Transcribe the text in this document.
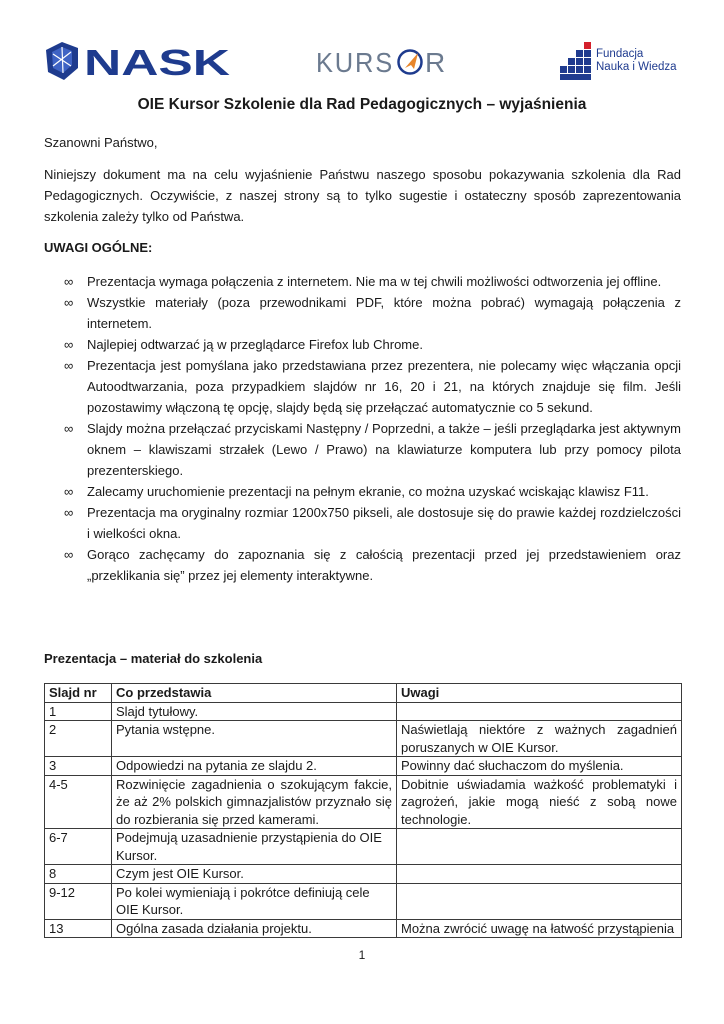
NASK	KURS R	Fundacja
Nauka i Wiedza
OIE Kursor Szkolenie dla Rad Pedagogicznych – wyjaśnienia

Szanowni Państwo,

Niniejszy dokument ma na celu wyjaśnienie Państwu naszego sposobu pokazywania szkolenia dla Rad Pedagogicznych. Oczywiście, z naszej strony są to tylko sugestie i ostateczny sposób zaprezentowania szkolenia zależy tylko od Państwa.

UWAGI OGÓLNE:

∞ Prezentacja wymaga połączenia z internetem. Nie ma w tej chwili możliwości odtworzenia jej offline.
∞ Wszystkie materiały (poza przewodnikami PDF, które można pobrać) wymagają połączenia z internetem.
∞ Najlepiej odtwarzać ją w przeglądarce Firefox lub Chrome.
∞ Prezentacja jest pomyślana jako przedstawiana przez prezentera, nie polecamy więc włączania opcji Autoodtwarzania, poza przypadkiem slajdów nr 16, 20 i 21, na których znajduje się film. Jeśli pozostawimy włączoną tę opcję, slajdy będą się przełączać automatycznie co 5 sekund.
∞ Slajdy można przełączać przyciskami Następny / Poprzedni, a także – jeśli przeglądarka jest aktywnym oknem – klawiszami strzałek (Lewo / Prawo) na klawiaturze komputera lub przy pomocy pilota prezenterskiego.
∞ Zalecamy uruchomienie prezentacji na pełnym ekranie, co można uzyskać wciskając klawisz F11.
∞ Prezentacja ma oryginalny rozmiar 1200x750 pikseli, ale dostosuje się do prawie każdej rozdzielczości i wielkości okna.
∞ Gorąco zachęcamy do zapoznania się z całością prezentacji przed jej przedstawieniem oraz „przeklikania się” przez jej elementy interaktywne.

Prezentacja – materiał do szkolenia

Slajd nr	Co przedstawia	Uwagi
1	Slajd tytułowy.	
2	Pytania wstępne.	Naświetlają niektóre z ważnych zagadnień poruszanych w OIE Kursor.
3	Odpowiedzi na pytania ze slajdu 2.	Powinny dać słuchaczom do myślenia.
4-5	Rozwinięcie zagadnienia o szokującym fakcie, że aż 2% polskich gimnazjalistów przyznało się do rozbierania się przed kamerami.	Dobitnie uświadamia ważkość problematyki i zagrożeń, jakie mogą nieść z sobą nowe technologie.
6-7	Podejmują uzasadnienie przystąpienia do OIE Kursor.	
8	Czym jest OIE Kursor.	
9-12	Po kolei wymieniają i pokrótce definiują cele OIE Kursor.	
13	Ogólna zasada działania projektu.	Można zwrócić uwagę na łatwość przystąpienia

1
